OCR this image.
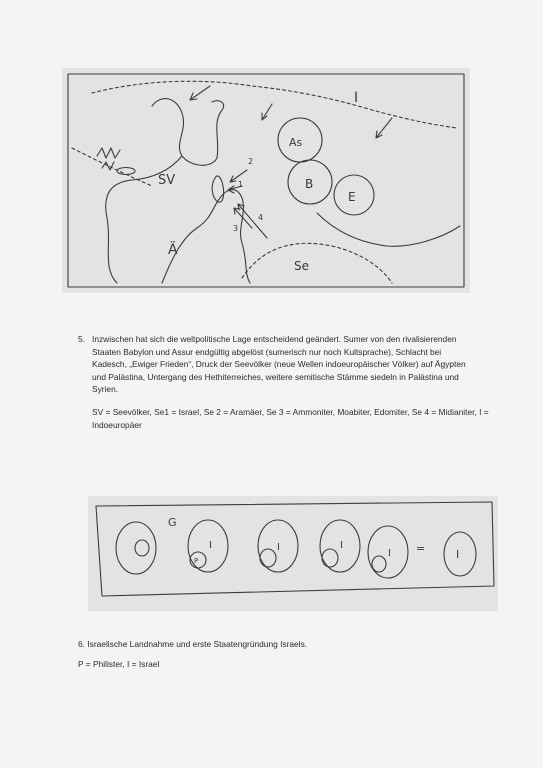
SV
As
B
E
I
Ä
Se
1
2
3
4
5. Inzwischen hat sich die weltpolitische Lage entscheidend geändert. Sumer von den rivalisierenden Staaten Babylon und Assur endgültig abgelöst (sumerisch nur noch Kultsprache), Schlacht bei Kadesch, „Ewiger Frieden“, Druck der Seevölker (neue Wellen indoeuropäischer Völker) auf Ägypten und Palästina, Untergang des Hethiterreiches, weitere semitische Stämme siedeln in Palästina und Syrien.

SV = Seevölker, Se1 = Israel, Se 2 = Aramäer, Se 3 = Ammoniter, Moabiter, Edomiter, Se 4 = Midianiter, I = Indoeuropäer

G
P
I	I	I
I =	I
6. Israelische Landnahme und erste Staatengründung Israels.

P = Philister, I = Israel
